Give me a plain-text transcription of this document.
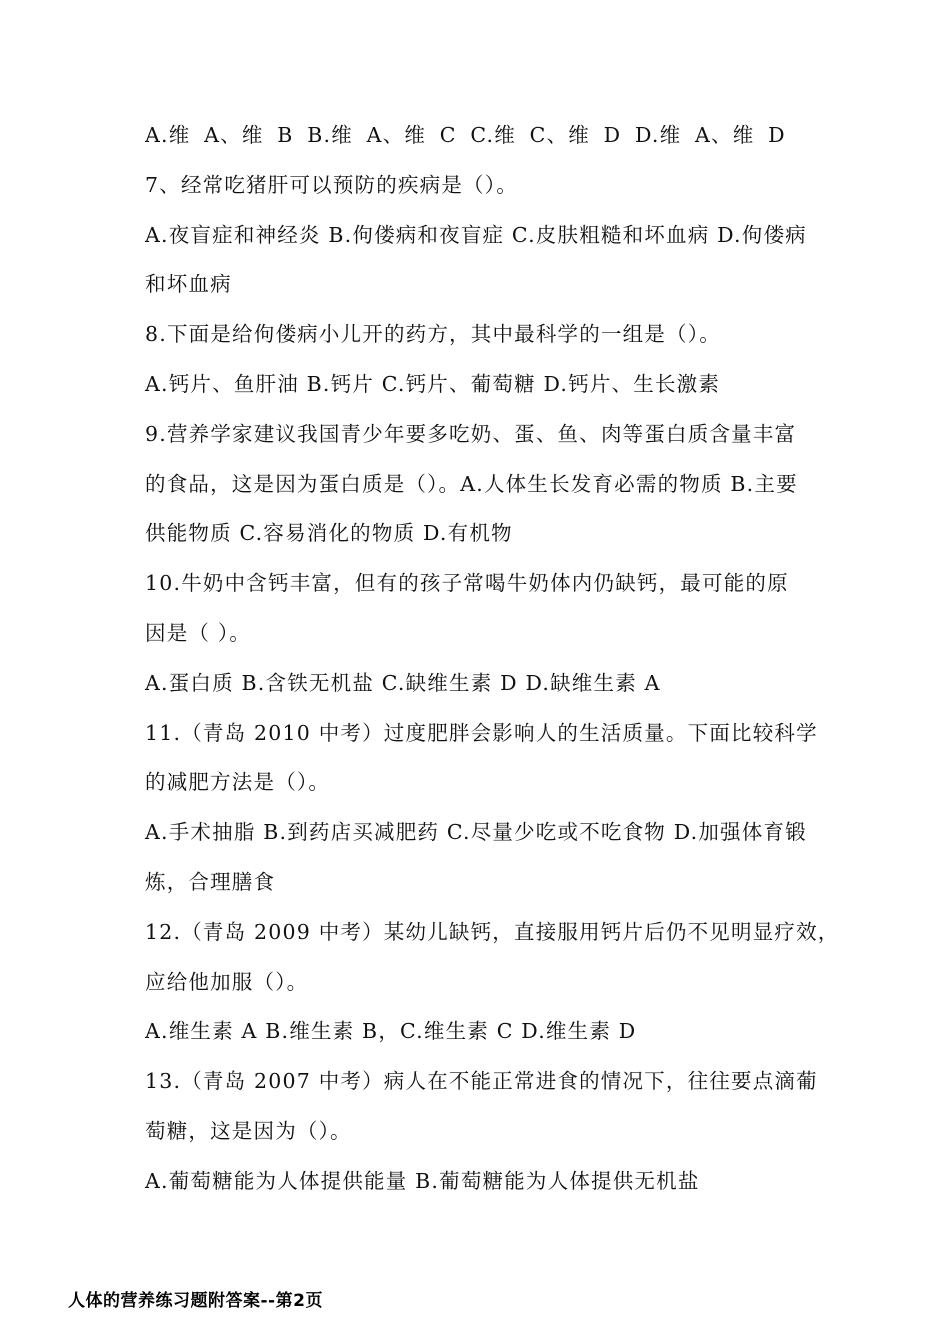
A.维 A、维 B B.维 A、维 C C.维 C、维 D D.维 A、维 D
7、经常吃猪肝可以预防的疾病是（）。
A.夜盲症和神经炎 B.佝偻病和夜盲症 C.皮肤粗糙和坏血病 D.佝偻病
和坏血病
8.下面是给佝偻病小儿开的药方，其中最科学的一组是（）。
A.钙片、鱼肝油 B.钙片 C.钙片、葡萄糖 D.钙片、生长激素
9.营养学家建议我国青少年要多吃奶、蛋、鱼、肉等蛋白质含量丰富
的食品，这是因为蛋白质是（）。A.人体生长发育必需的物质 B.主要
供能物质 C.容易消化的物质 D.有机物
10.牛奶中含钙丰富，但有的孩子常喝牛奶体内仍缺钙，最可能的原
因是（ ）。
A.蛋白质 B.含铁无机盐 C.缺维生素 D D.缺维生素 A
11.（青岛 2010 中考）过度肥胖会影响人的生活质量。下面比较科学
的减肥方法是（）。
A.手术抽脂 B.到药店买减肥药 C.尽量少吃或不吃食物 D.加强体育锻
炼，合理膳食
12.（青岛 2009 中考）某幼儿缺钙，直接服用钙片后仍不见明显疗效，
应给他加服（）。
A.维生素 A B.维生素 B，C.维生素 C D.维生素 D
13.（青岛 2007 中考）病人在不能正常进食的情况下，往往要点滴葡
萄糖，这是因为（）。
A.葡萄糖能为人体提供能量 B.葡萄糖能为人体提供无机盐
人体的营养练习题附答案--第2页
